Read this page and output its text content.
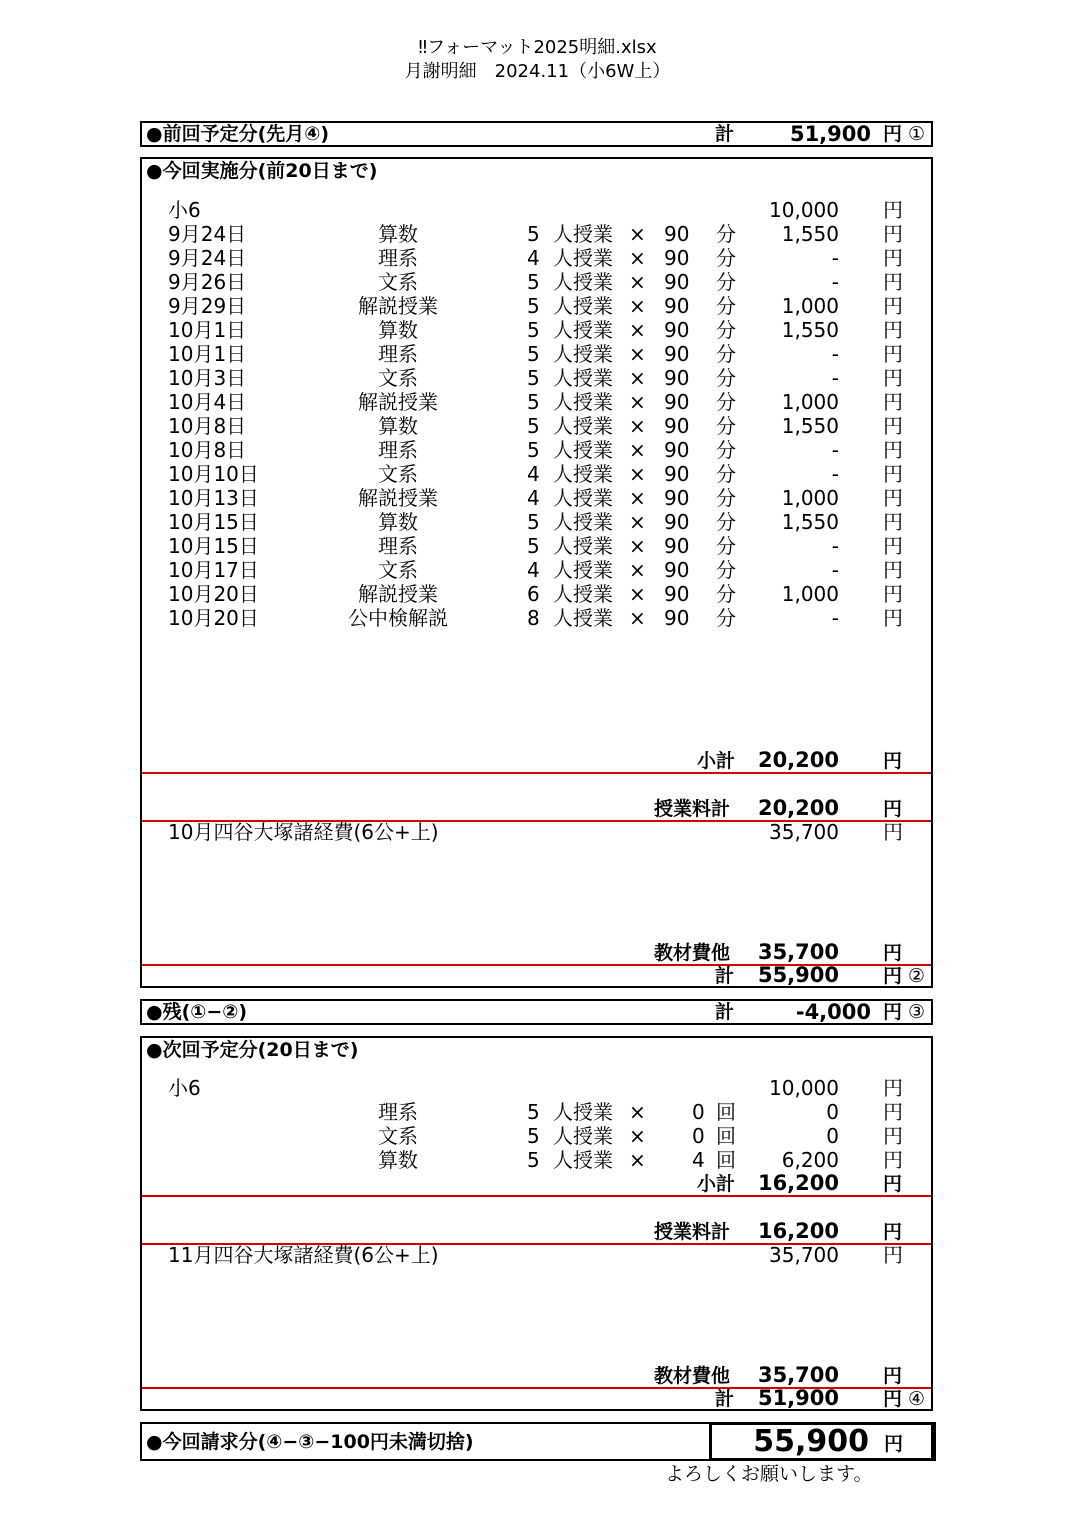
‼フォーマット2025明細.xlsx
月謝明細　2024.11（小6W上）
●前回予定分(先月④)	計	51,900 円 ①
●今回実施分(前20日まで)
小6	10,000 円
9月24日	算数	5 人授業 × 90 分 1,550 円
9月24日	理系	4 人授業 × 90 分	- 円
9月26日	文系	5 人授業 × 90 分	- 円
9月29日	解説授業	5 人授業 × 90 分 1,000 円
10月1日	算数	5 人授業 × 90 分 1,550 円
10月1日	理系	5 人授業 × 90 分	- 円
10月3日	文系	5 人授業 × 90 分	- 円
10月4日	解説授業	5 人授業 × 90 分 1,000 円
10月8日	算数	5 人授業 × 90 分 1,550 円
10月8日	理系	5 人授業 × 90 分	- 円
10月10日	文系	4 人授業 × 90 分	- 円
10月13日	解説授業	4 人授業 × 90 分 1,000 円
10月15日	算数	5 人授業 × 90 分 1,550 円
10月15日	理系	5 人授業 × 90 分	- 円
10月17日	文系	4 人授業 × 90 分	- 円
10月20日	解説授業	6 人授業 × 90 分 1,000 円
10月20日	公中検解説	8 人授業 × 90 分	- 円
小計 20,200 円
授業料計 20,200 円
10月四谷大塚諸経費(6公+上)	35,700 円
教材費他 35,700 円
計 55,900 円 ②
●残(①−②)	計	-4,000 円 ③
●次回予定分(20日まで)
小6	10,000 円
理系	5 人授業 × 0 回	0 円
文系	5 人授業 × 0 回	0 円
算数	5 人授業 × 4 回 6,200 円
小計 16,200 円
授業料計 16,200 円
11月四谷大塚諸経費(6公+上)	35,700 円
教材費他 35,700 円
計 51,900 円 ④
●今回請求分(④−③−100円未満切捨)	55,900 円
よろしくお願いします。
